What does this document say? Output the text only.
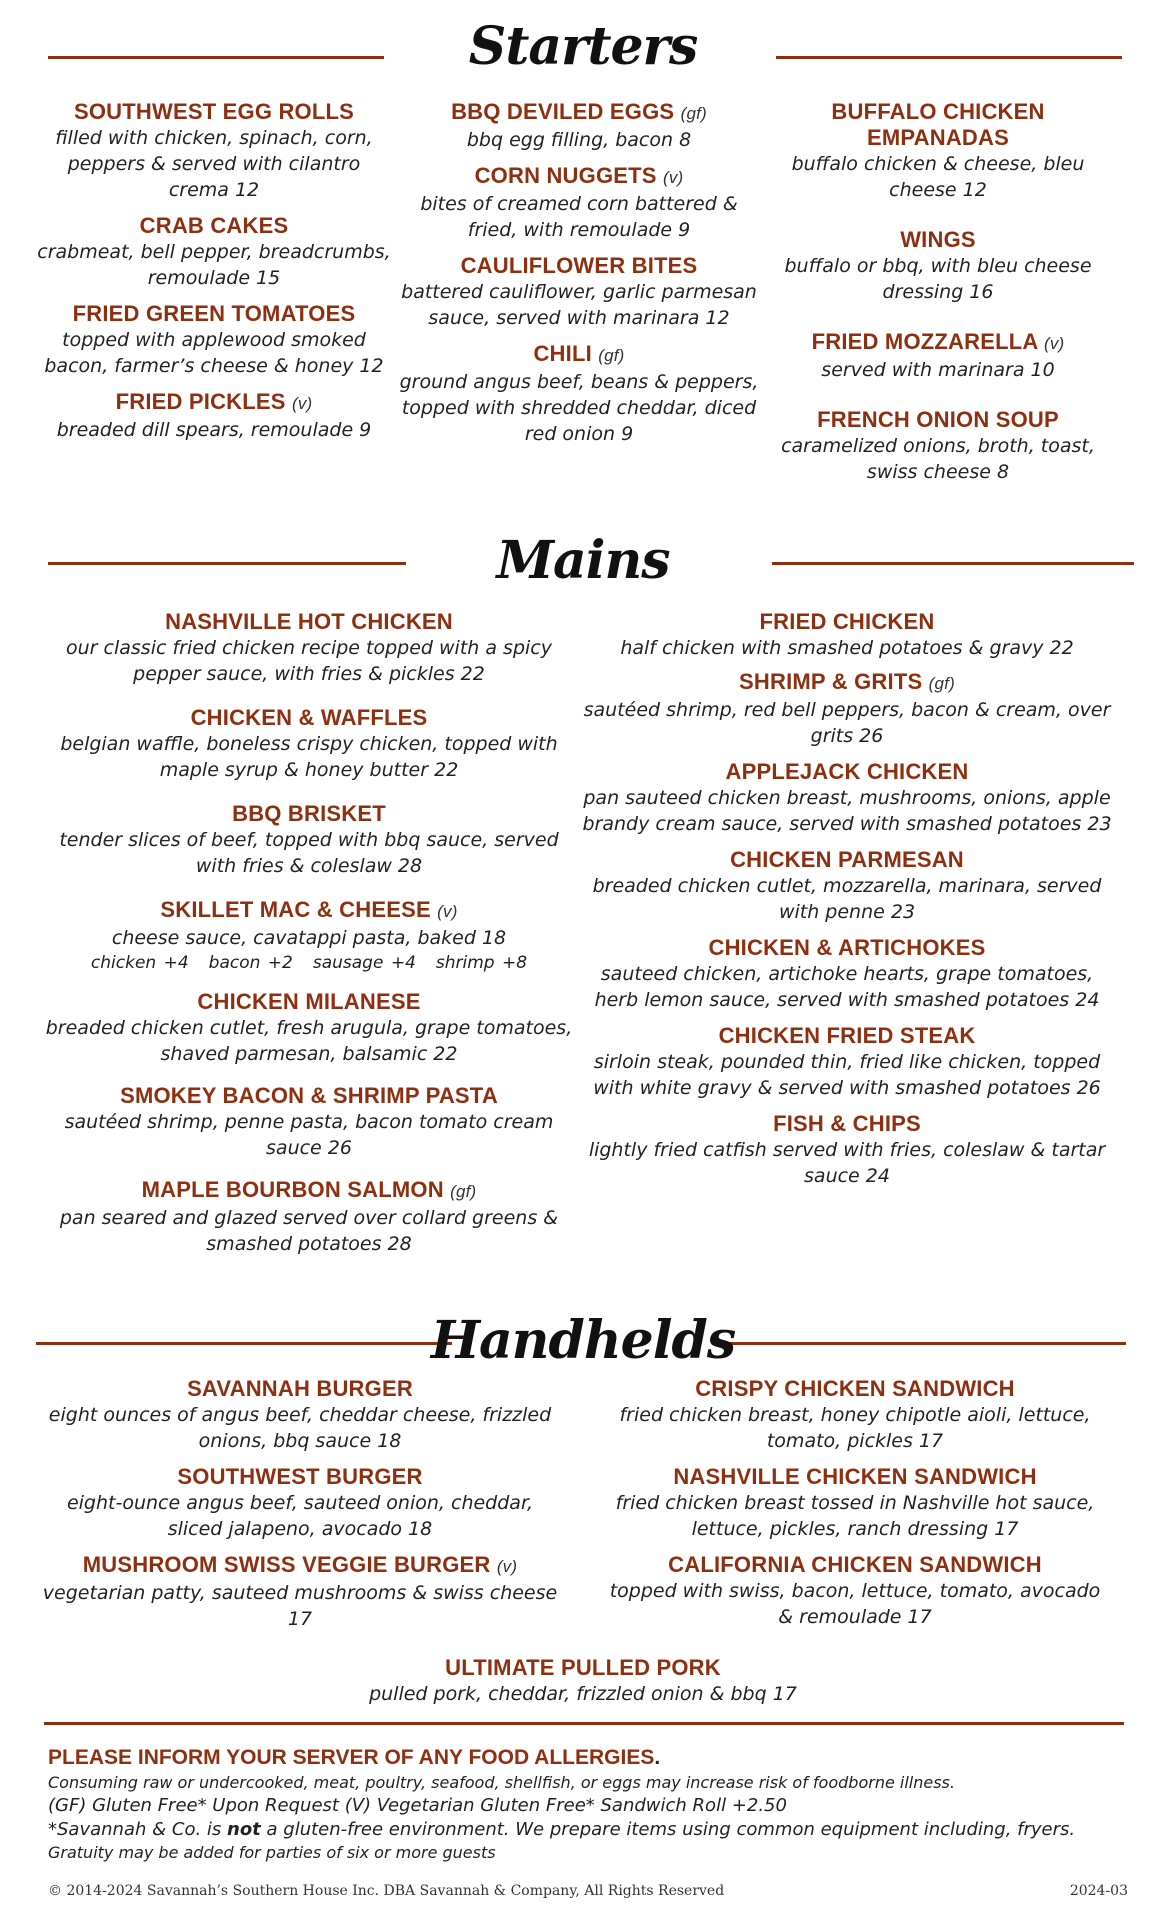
Starters
SOUTHWEST EGG ROLLS
filled with chicken, spinach, corn, peppers & served with cilantro crema 12
CRAB CAKES
crabmeat, bell pepper, breadcrumbs, remoulade 15
FRIED GREEN TOMATOES
topped with applewood smoked bacon, farmer’s cheese & honey 12
FRIED PICKLES (v)
breaded dill spears, remoulade 9
BBQ DEVILED EGGS (gf)
bbq egg filling, bacon 8
CORN NUGGETS (v)
bites of creamed corn battered & fried, with remoulade 9
CAULIFLOWER BITES
battered cauliflower, garlic parmesan sauce, served with marinara 12
CHILI (gf)
ground angus beef, beans & peppers, topped with shredded cheddar, diced red onion 9
BUFFALO CHICKEN EMPANADAS
buffalo chicken & cheese, bleu cheese 12
WINGS
buffalo or bbq, with bleu cheese dressing 16
FRIED MOZZARELLA (v)
served with marinara 10
FRENCH ONION SOUP
caramelized onions, broth, toast, swiss cheese 8
Mains
NASHVILLE HOT CHICKEN
our classic fried chicken recipe topped with a spicy pepper sauce, with fries & pickles 22
CHICKEN & WAFFLES
belgian waffle, boneless crispy chicken, topped with maple syrup & honey butter 22
BBQ BRISKET
tender slices of beef, topped with bbq sauce, served with fries & coleslaw 28
SKILLET MAC & CHEESE (v)
cheese sauce, cavatappi pasta, baked 18
chicken +4 bacon +2 sausage +4 shrimp +8
CHICKEN MILANESE
breaded chicken cutlet, fresh arugula, grape tomatoes, shaved parmesan, balsamic 22
SMOKEY BACON & SHRIMP PASTA
sautéed shrimp, penne pasta, bacon tomato cream sauce 26
MAPLE BOURBON SALMON (gf)
pan seared and glazed served over collard greens & smashed potatoes 28
FRIED CHICKEN
half chicken with smashed potatoes & gravy 22
SHRIMP & GRITS (gf)
sautéed shrimp, red bell peppers, bacon & cream, over grits 26
APPLEJACK CHICKEN
pan sauteed chicken breast, mushrooms, onions, apple brandy cream sauce, served with smashed potatoes 23
CHICKEN PARMESAN
breaded chicken cutlet, mozzarella, marinara, served with penne 23
CHICKEN & ARTICHOKES
sauteed chicken, artichoke hearts, grape tomatoes, herb lemon sauce, served with smashed potatoes 24
CHICKEN FRIED STEAK
sirloin steak, pounded thin, fried like chicken, topped with white gravy & served with smashed potatoes 26
FISH & CHIPS
lightly fried catfish served with fries, coleslaw & tartar sauce 24
Handhelds
SAVANNAH BURGER
eight ounces of angus beef, cheddar cheese, frizzled onions, bbq sauce 18
SOUTHWEST BURGER
eight-ounce angus beef, sauteed onion, cheddar, sliced jalapeno, avocado 18
MUSHROOM SWISS VEGGIE BURGER (v)
vegetarian patty, sauteed mushrooms & swiss cheese 17
CRISPY CHICKEN SANDWICH
fried chicken breast, honey chipotle aioli, lettuce, tomato, pickles 17
NASHVILLE CHICKEN SANDWICH
fried chicken breast tossed in Nashville hot sauce, lettuce, pickles, ranch dressing 17
CALIFORNIA CHICKEN SANDWICH
topped with swiss, bacon, lettuce, tomato, avocado & remoulade 17
ULTIMATE PULLED PORK
pulled pork, cheddar, frizzled onion & bbq 17
PLEASE INFORM YOUR SERVER OF ANY FOOD ALLERGIES.
Consuming raw or undercooked, meat, poultry, seafood, shellfish, or eggs may increase risk of foodborne illness.
(GF) Gluten Free* Upon Request (V) Vegetarian Gluten Free* Sandwich Roll +2.50
*Savannah & Co. is not a gluten-free environment. We prepare items using common equipment including, fryers.
Gratuity may be added for parties of six or more guests
© 2014-2024 Savannah’s Southern House Inc. DBA Savannah & Company, All Rights Reserved	2024-03
